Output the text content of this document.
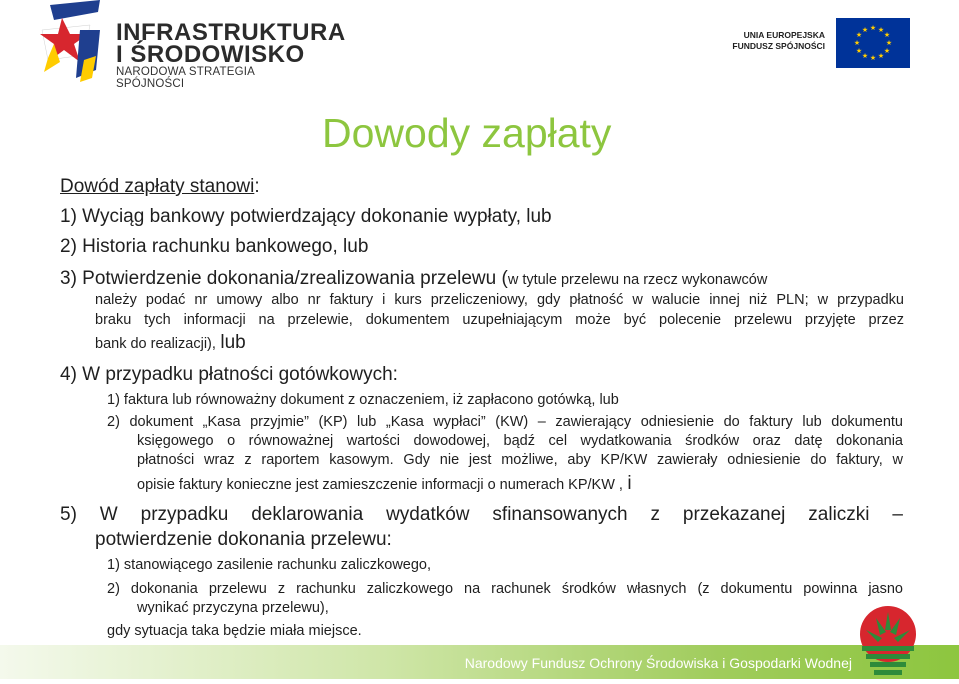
INFRASTRUKTURA
I ŚRODOWISKO
NARODOWA STRATEGIA SPÓJNOŚCI
UNIA EUROPEJSKA
FUNDUSZ SPÓJNOŚCI
★ ★
★
★
★
★
★
★
★
★
★
★
Dowody zapłaty
Dowód zapłaty stanowi:
1) Wyciąg bankowy potwierdzający dokonanie wypłaty, lub
2) Historia rachunku bankowego, lub
3) Potwierdzenie dokonania/zrealizowania przelewu (w tytule przelewu na rzecz wykonawców
należy podać nr umowy albo nr faktury i kurs przeliczeniowy, gdy płatność w walucie innej niż PLN; w przypadku
braku tych informacji na przelewie, dokumentem uzupełniającym może być polecenie przelewu przyjęte przez
bank do realizacji), lub
4) W przypadku płatności gotówkowych:
1) faktura lub równoważny dokument z oznaczeniem, iż zapłacono gotówką, lub
2) dokument „Kasa przyjmie” (KP) lub „Kasa wypłaci” (KW) – zawierający odniesienie do faktury lub dokumentu
księgowego o równoważnej wartości dowodowej, bądź cel wydatkowania środków oraz datę dokonania
płatności wraz z raportem kasowym. Gdy nie jest możliwe, aby KP/KW zawierały odniesienie do faktury, w
opisie faktury konieczne jest zamieszczenie informacji o numerach KP/KW , i
5) W przypadku deklarowania wydatków sfinansowanych z przekazanej zaliczki –
potwierdzenie dokonania przelewu:
1) stanowiącego zasilenie rachunku zaliczkowego,
2) dokonania przelewu z rachunku zaliczkowego na rachunek środków własnych (z dokumentu powinna jasno
wynikać przyczyna przelewu),
gdy sytuacja taka będzie miała miejsce.
Narodowy Fundusz Ochrony Środowiska i Gospodarki Wodnej
